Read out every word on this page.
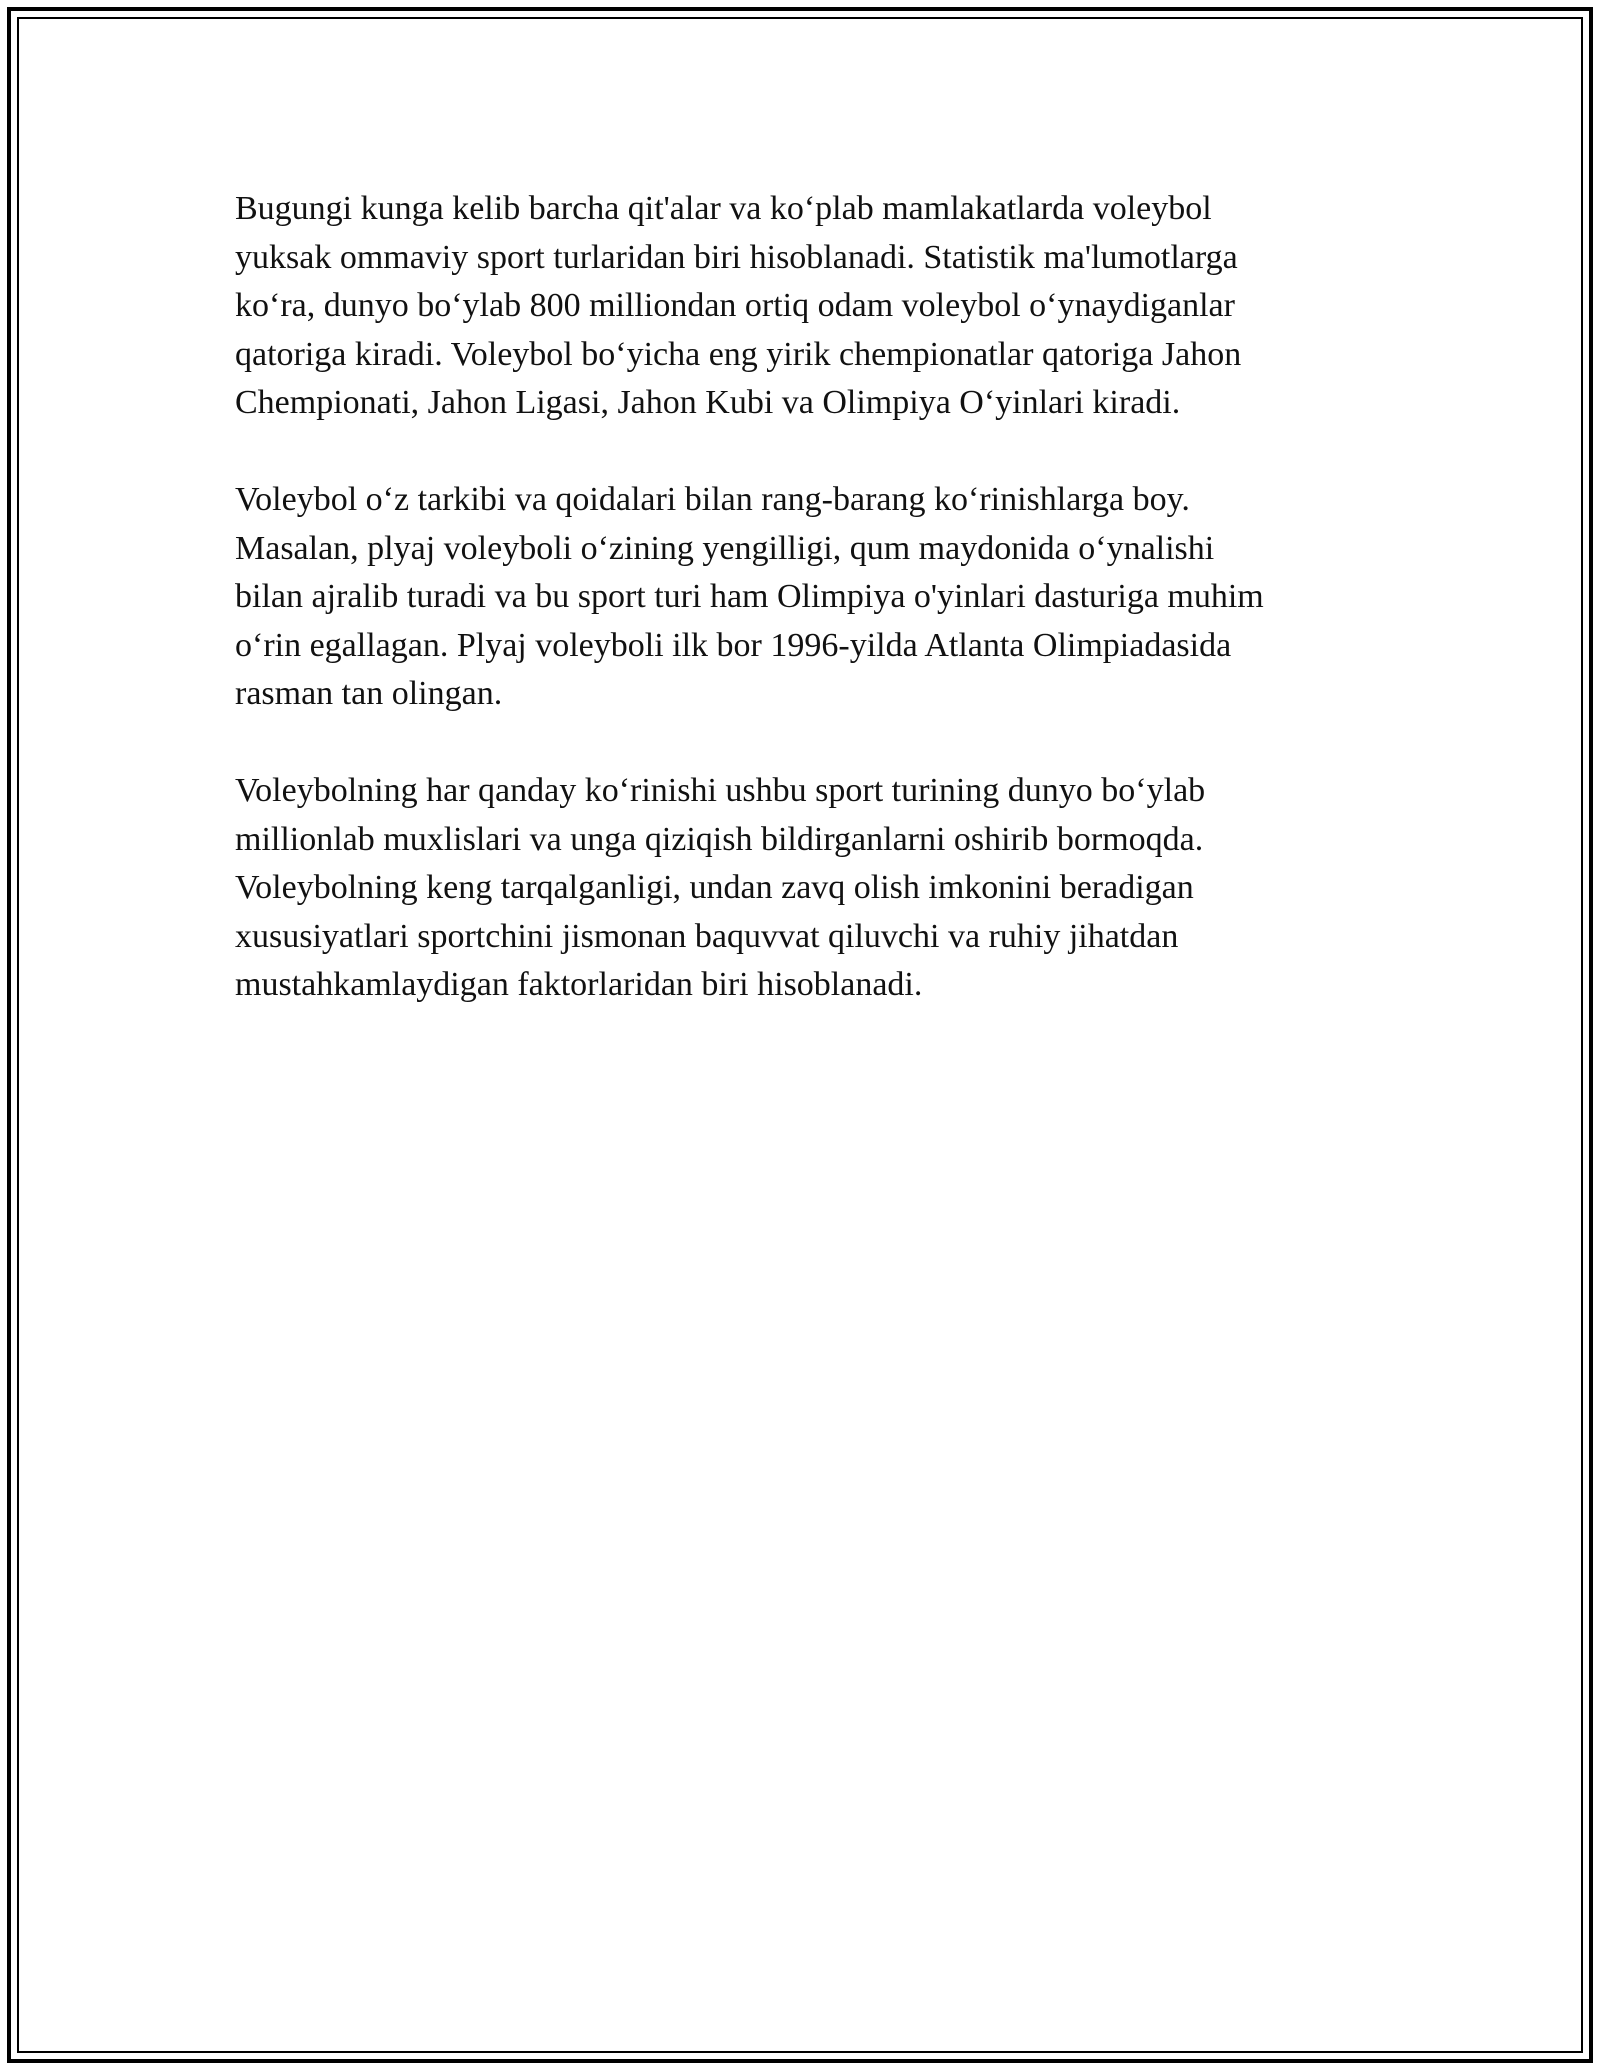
Bugungi kunga kelib barcha qit'alar va ko‘plab mamlakatlarda voleybol
yuksak ommaviy sport turlaridan biri hisoblanadi. Statistik ma'lumotlarga
ko‘ra, dunyo bo‘ylab 800 milliondan ortiq odam voleybol o‘ynaydiganlar
qatoriga kiradi. Voleybol bo‘yicha eng yirik chempionatlar qatoriga Jahon
Chempionati, Jahon Ligasi, Jahon Kubi va Olimpiya O‘yinlari kiradi.

Voleybol o‘z tarkibi va qoidalari bilan rang-barang ko‘rinishlarga boy.
Masalan, plyaj voleyboli o‘zining yengilligi, qum maydonida o‘ynalishi
bilan ajralib turadi va bu sport turi ham Olimpiya o'yinlari dasturiga muhim
o‘rin egallagan. Plyaj voleyboli ilk bor 1996-yilda Atlanta Olimpiadasida
rasman tan olingan.

Voleybolning har qanday ko‘rinishi ushbu sport turining dunyo bo‘ylab
millionlab muxlislari va unga qiziqish bildirganlarni oshirib bormoqda.
Voleybolning keng tarqalganligi, undan zavq olish imkonini beradigan
xususiyatlari sportchini jismonan baquvvat qiluvchi va ruhiy jihatdan
mustahkamlaydigan faktorlaridan biri hisoblanadi.
